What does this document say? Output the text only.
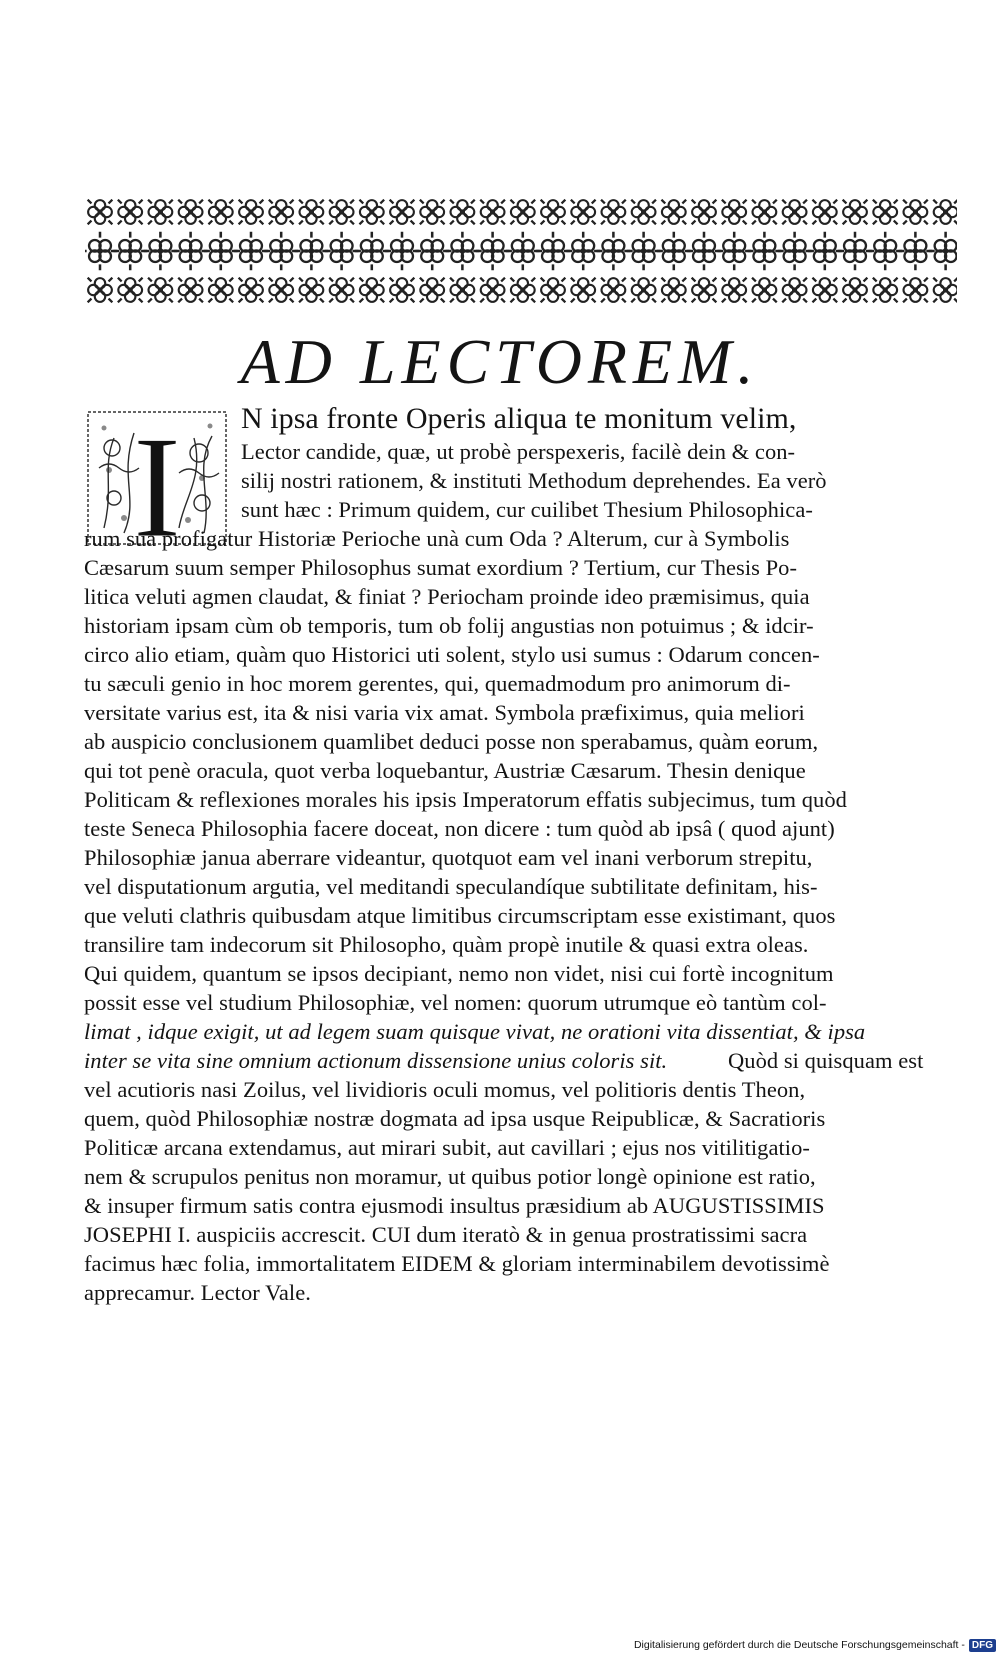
AD LECTOREM.
I N ipsa fronte Operis aliqua te monitum velim,
Lector candide, quæ, ut probè perspexeris, facilè dein & con-
silij nostri rationem, & instituti Methodum deprehendes. Ea verò
sunt hæc : Primum quidem, cur cuilibet Thesium Philosophica-
rum sua profigatur Historiæ Perioche unà cum Oda ? Alterum, cur à Symbolis
Cæsarum suum semper Philosophus sumat exordium ? Tertium, cur Thesis Po-
litica veluti agmen claudat, & finiat ? Periocham proinde ideo præmisimus, quia
historiam ipsam cùm ob temporis, tum ob folij angustias non potuimus ; & idcir-
circo alio etiam, quàm quo Historici uti solent, stylo usi sumus : Odarum concen-
tu sæculi genio in hoc morem gerentes, qui, quemadmodum pro animorum di-
versitate varius est, ita & nisi varia vix amat. Symbola præfiximus, quia meliori
ab auspicio conclusionem quamlibet deduci posse non sperabamus, quàm eorum,
qui tot penè oracula, quot verba loquebantur, Austriæ Cæsarum. Thesin denique
Politicam & reflexiones morales his ipsis Imperatorum effatis subjecimus, tum quòd
teste Seneca Philosophia facere doceat, non dicere : tum quòd ab ipsâ ( quod ajunt)
Philosophiæ janua aberrare videantur, quotquot eam vel inani verborum strepitu,
vel disputationum argutia, vel meditandi speculandíque subtilitate definitam, his-
que veluti clathris quibusdam atque limitibus circumscriptam esse existimant, quos
transilire tam indecorum sit Philosopho, quàm propè inutile & quasi extra oleas.
Qui quidem, quantum se ipsos decipiant, nemo non videt, nisi cui fortè incognitum
possit esse vel studium Philosophiæ, vel nomen: quorum utrumque eò tantùm col-
limat , idque exigit, ut ad legem suam quisque vivat, ne orationi vita dissentiat, & ipsa
inter se vita sine omnium actionum dissensione unius coloris sit.	Quòd si quisquam est
vel acutioris nasi Zoilus, vel lividioris oculi momus, vel politioris dentis Theon,
quem, quòd Philosophiæ nostræ dogmata ad ipsa usque Reipublicæ, & Sacratioris
Politicæ arcana extendamus, aut mirari subit, aut cavillari ; ejus nos vitilitigatio-
nem & scrupulos penitus non moramur, ut quibus potior longè opinione est ratio,
& insuper firmum satis contra ejusmodi insultus præsidium ab AUGUSTISSIMIS
JOSEPHI I. auspiciis accrescit. CUI dum iteratò & in genua prostratissimi sacra
facimus hæc folia, immortalitatem EIDEM & gloriam interminabilem devotissimè
apprecamur. Lector Vale.
Digitalisierung gefördert durch die Deutsche Forschungsgemeinschaft - DFG
